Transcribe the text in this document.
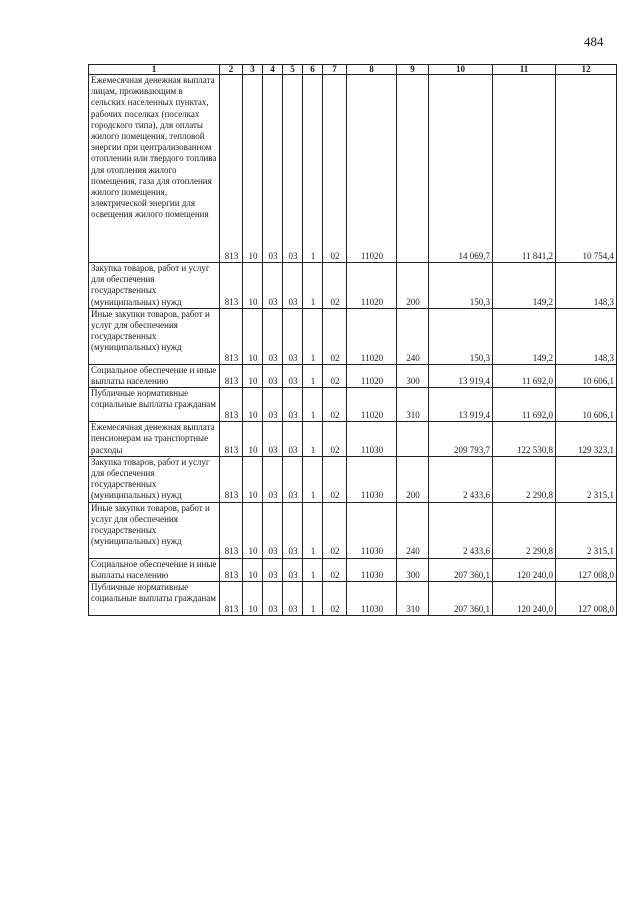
484
1	2	3	4	5	6	7	8	9	10	11	12
Ежемесячная денежная выплата лицам, проживающим в сельских населенных пунктах, рабочих поселках (поселках городского типа), для оплаты жилого помещения, тепловой энергии при централизованном отоплении или твердого топлива для отопления жилого помещения, газа для отопления жилого помещения, электрической энергии для освещения жилого помещения	813	10	03	03	1	02	11020		14 069,7	11 841,2	10 754,4
Закупка товаров, работ и услуг для обеспечения государственных (муниципальных) нужд	813	10	03	03	1	02	11020	200	150,3	149,2	148,3
Иные закупки товаров, работ и услуг для обеспечения государственных (муниципальных) нужд	813	10	03	03	1	02	11020	240	150,3	149,2	148,3
Социальное обеспечение и иные выплаты населению	813	10	03	03	1	02	11020	300	13 919,4	11 692,0	10 606,1
Публичные нормативные социальные выплаты гражданам	813	10	03	03	1	02	11020	310	13 919,4	11 692,0	10 606,1
Ежемесячная денежная выплата пенсионерам на транспортные расходы	813	10	03	03	1	02	11030		209 793,7	122 530,8	129 323,1
Закупка товаров, работ и услуг для обеспечения государственных (муниципальных) нужд	813	10	03	03	1	02	11030	200	2 433,6	2 290,8	2 315,1
Иные закупки товаров, работ и услуг для обеспечения государственных (муниципальных) нужд	813	10	03	03	1	02	11030	240	2 433,6	2 290,8	2 315,1
Социальное обеспечение и иные выплаты населению	813	10	03	03	1	02	11030	300	207 360,1	120 240,0	127 008,0
Публичные нормативные социальные выплаты гражданам	813	10	03	03	1	02	11030	310	207 360,1	120 240,0	127 008,0
